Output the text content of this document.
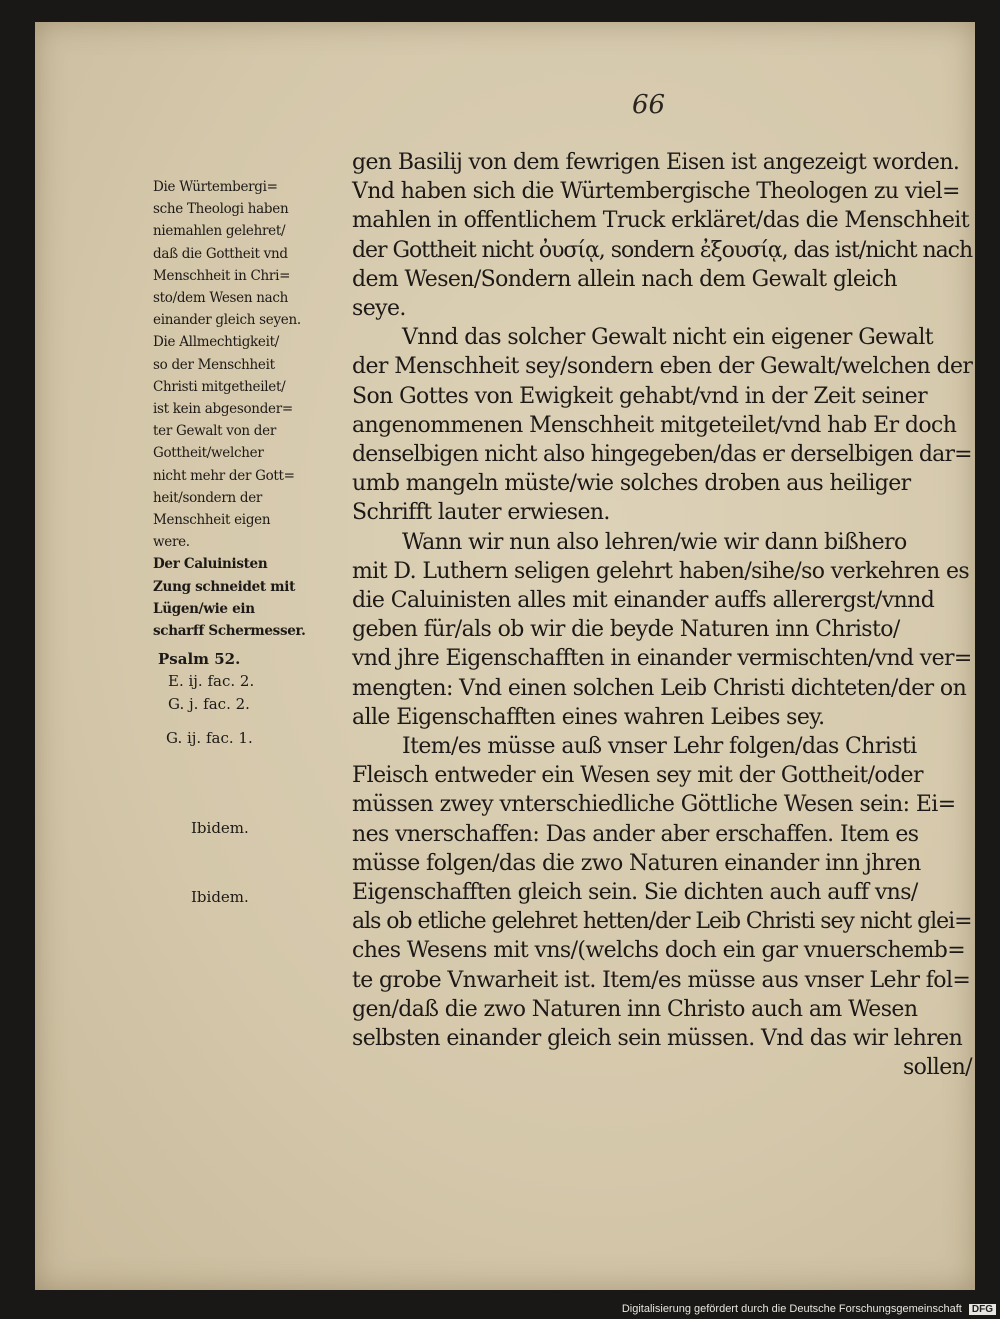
66
Die Würtembergi=
sche Theologi haben
niemahlen gelehret/
daß die Gottheit vnd
Menschheit in Chri=
sto/dem Wesen nach
einander gleich seyen.
Die Allmechtigkeit/
so der Menschheit
Christi mitgetheilet/
ist kein abgesonder=
ter Gewalt von der
Gottheit/welcher
nicht mehr der Gott=
heit/sondern der
Menschheit eigen
were.
Der Caluinisten
Zung schneidet mit
Lügen/wie ein
scharff Schermesser.
Psalm 52.
E. ij. fac. 2.
G. j. fac. 2.
G. ij. fac. 1.
Ibidem.
Ibidem.
gen Basilij von dem fewrigen Eisen ist angezeigt worden.
Vnd haben sich die Würtembergische Theologen zu viel=
mahlen in offentlichem Truck erkläret/das die Menschheit
der Gottheit nicht ὀυσίᾳ, sondern ἐξουσίᾳ, das ist/nicht nach
dem Wesen/Sondern allein nach dem Gewalt gleich
seye.
Vnnd das solcher Gewalt nicht ein eigener Gewalt
der Menschheit sey/sondern eben der Gewalt/welchen der
Son Gottes von Ewigkeit gehabt/vnd in der Zeit seiner
angenommenen Menschheit mitgeteilet/vnd hab Er doch
denselbigen nicht also hingegeben/das er derselbigen dar=
umb mangeln müste/wie solches droben aus heiliger
Schrifft lauter erwiesen.
Wann wir nun also lehren/wie wir dann bißhero
mit D. Luthern seligen gelehrt haben/sihe/so verkehren es
die Caluinisten alles mit einander auffs allerergst/vnnd
geben für/als ob wir die beyde Naturen inn Christo/
vnd jhre Eigenschafften in einander vermischten/vnd ver=
mengten: Vnd einen solchen Leib Christi dichteten/der on
alle Eigenschafften eines wahren Leibes sey.
Item/es müsse auß vnser Lehr folgen/das Christi
Fleisch entweder ein Wesen sey mit der Gottheit/oder
müssen zwey vnterschiedliche Göttliche Wesen sein: Ei=
nes vnerschaffen: Das ander aber erschaffen. Item es
müsse folgen/das die zwo Naturen einander inn jhren
Eigenschafften gleich sein. Sie dichten auch auff vns/
als ob etliche gelehret hetten/der Leib Christi sey nicht glei=
ches Wesens mit vns/(welchs doch ein gar vnuerschemb=
te grobe Vnwarheit ist. Item/es müsse aus vnser Lehr fol=
gen/daß die zwo Naturen inn Christo auch am Wesen
selbsten einander gleich sein müssen. Vnd das wir lehren
sollen/
Digitalisierung gefördert durch die Deutsche Forschungsgemeinschaft DFG
